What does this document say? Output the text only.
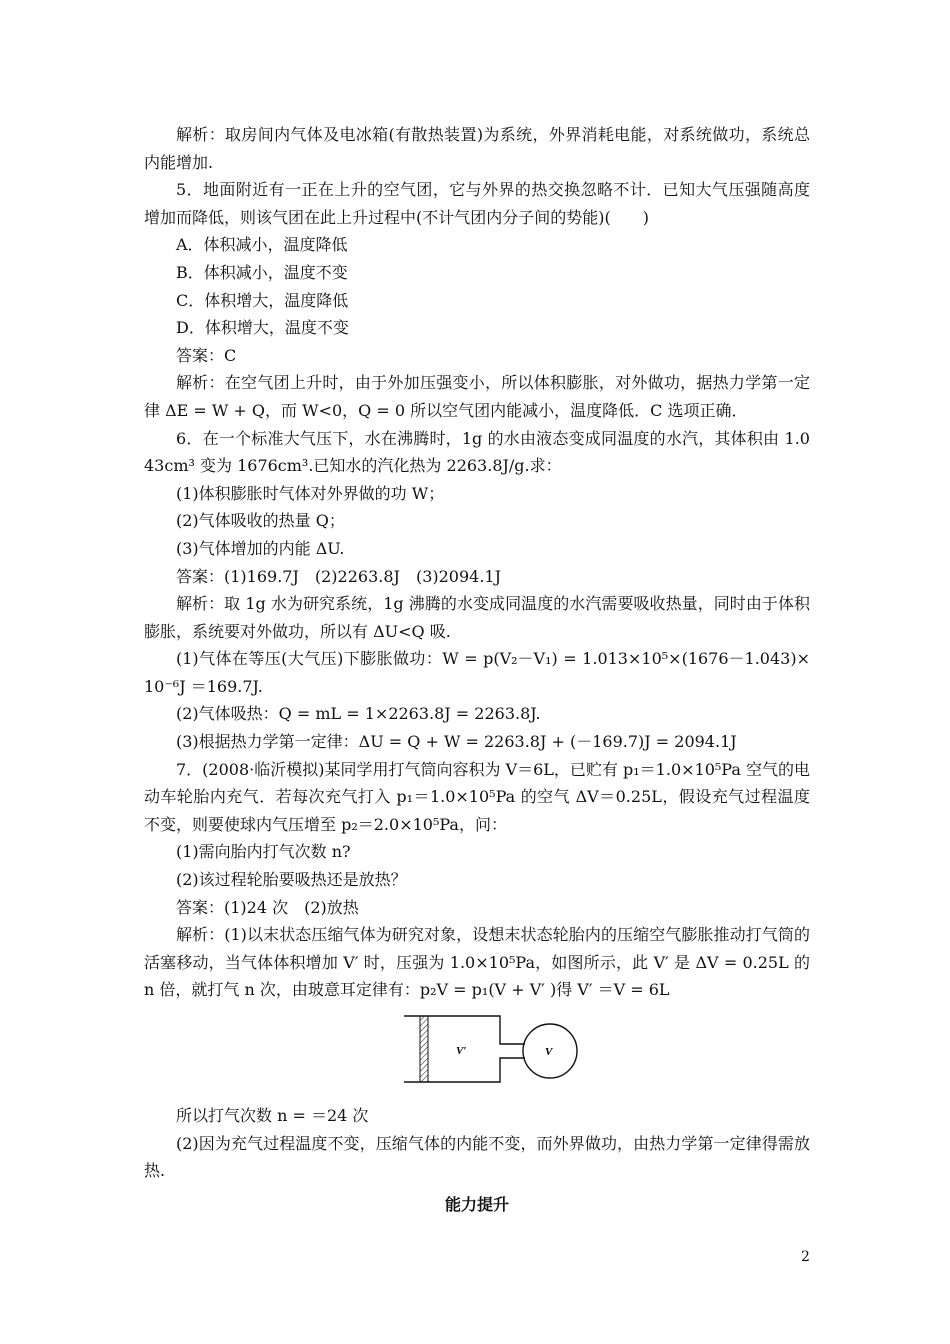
解析：取房间内气体及电冰箱(有散热装置)为系统，外界消耗电能，对系统做功，系统总内能增加.

5．地面附近有一正在上升的空气团，它与外界的热交换忽略不计．已知大气压强随高度增加而降低，则该气团在此上升过程中(不计气团内分子间的势能)(　　)

A．体积减小，温度降低

B．体积减小，温度不变

C．体积增大，温度降低

D．体积增大，温度不变

答案：C

解析：在空气团上升时，由于外加压强变小，所以体积膨胀，对外做功，据热力学第一定律 ΔE = W + Q，而 W<0，Q = 0 所以空气团内能减小，温度降低．C 选项正确．

6．在一个标准大气压下，水在沸腾时，1g 的水由液态变成同温度的水汽，其体积由 1.043cm³ 变为 1676cm³.已知水的汽化热为 2263.8J/g.求：

(1)体积膨胀时气体对外界做的功 W；

(2)气体吸收的热量 Q；

(3)气体增加的内能 ΔU.

答案：(1)169.7J　(2)2263.8J　(3)2094.1J

解析：取 1g 水为研究系统，1g 沸腾的水变成同温度的水汽需要吸收热量，同时由于体积膨胀，系统要对外做功，所以有 ΔU<Q 吸.

(1)气体在等压(大气压)下膨胀做功：W = p(V₂－V₁) = 1.013×10⁵×(1676－1.043)×10⁻⁶J ＝169.7J.

(2)气体吸热：Q = mL = 1×2263.8J = 2263.8J.

(3)根据热力学第一定律：ΔU = Q + W = 2263.8J + (－169.7)J = 2094.1J

7．(2008·临沂模拟)某同学用打气筒向容积为 V＝6L，已贮有 p₁＝1.0×10⁵Pa 空气的电动车轮胎内充气．若每次充气打入 p₁＝1.0×10⁵Pa 的空气 ΔV＝0.25L，假设充气过程温度不变，则要使球内气压增至 p₂＝2.0×10⁵Pa，问：

(1)需向胎内打气次数 n?

(2)该过程轮胎要吸热还是放热？

答案：(1)24 次　(2)放热

解析：(1)以末状态压缩气体为研究对象，设想末状态轮胎内的压缩空气膨胀推动打气筒的活塞移动，当气体体积增加 V′ 时，压强为 1.0×10⁵Pa，如图所示，此 V′ 是 ΔV = 0.25L 的 n 倍，就打气 n 次，由玻意耳定律有：p₂V = p₁(V + V′ )得 V′ ＝V = 6L

V′	V

所以打气次数 n = ＝24 次

(2)因为充气过程温度不变，压缩气体的内能不变，而外界做功，由热力学第一定律得需放热.

能力提升

2
